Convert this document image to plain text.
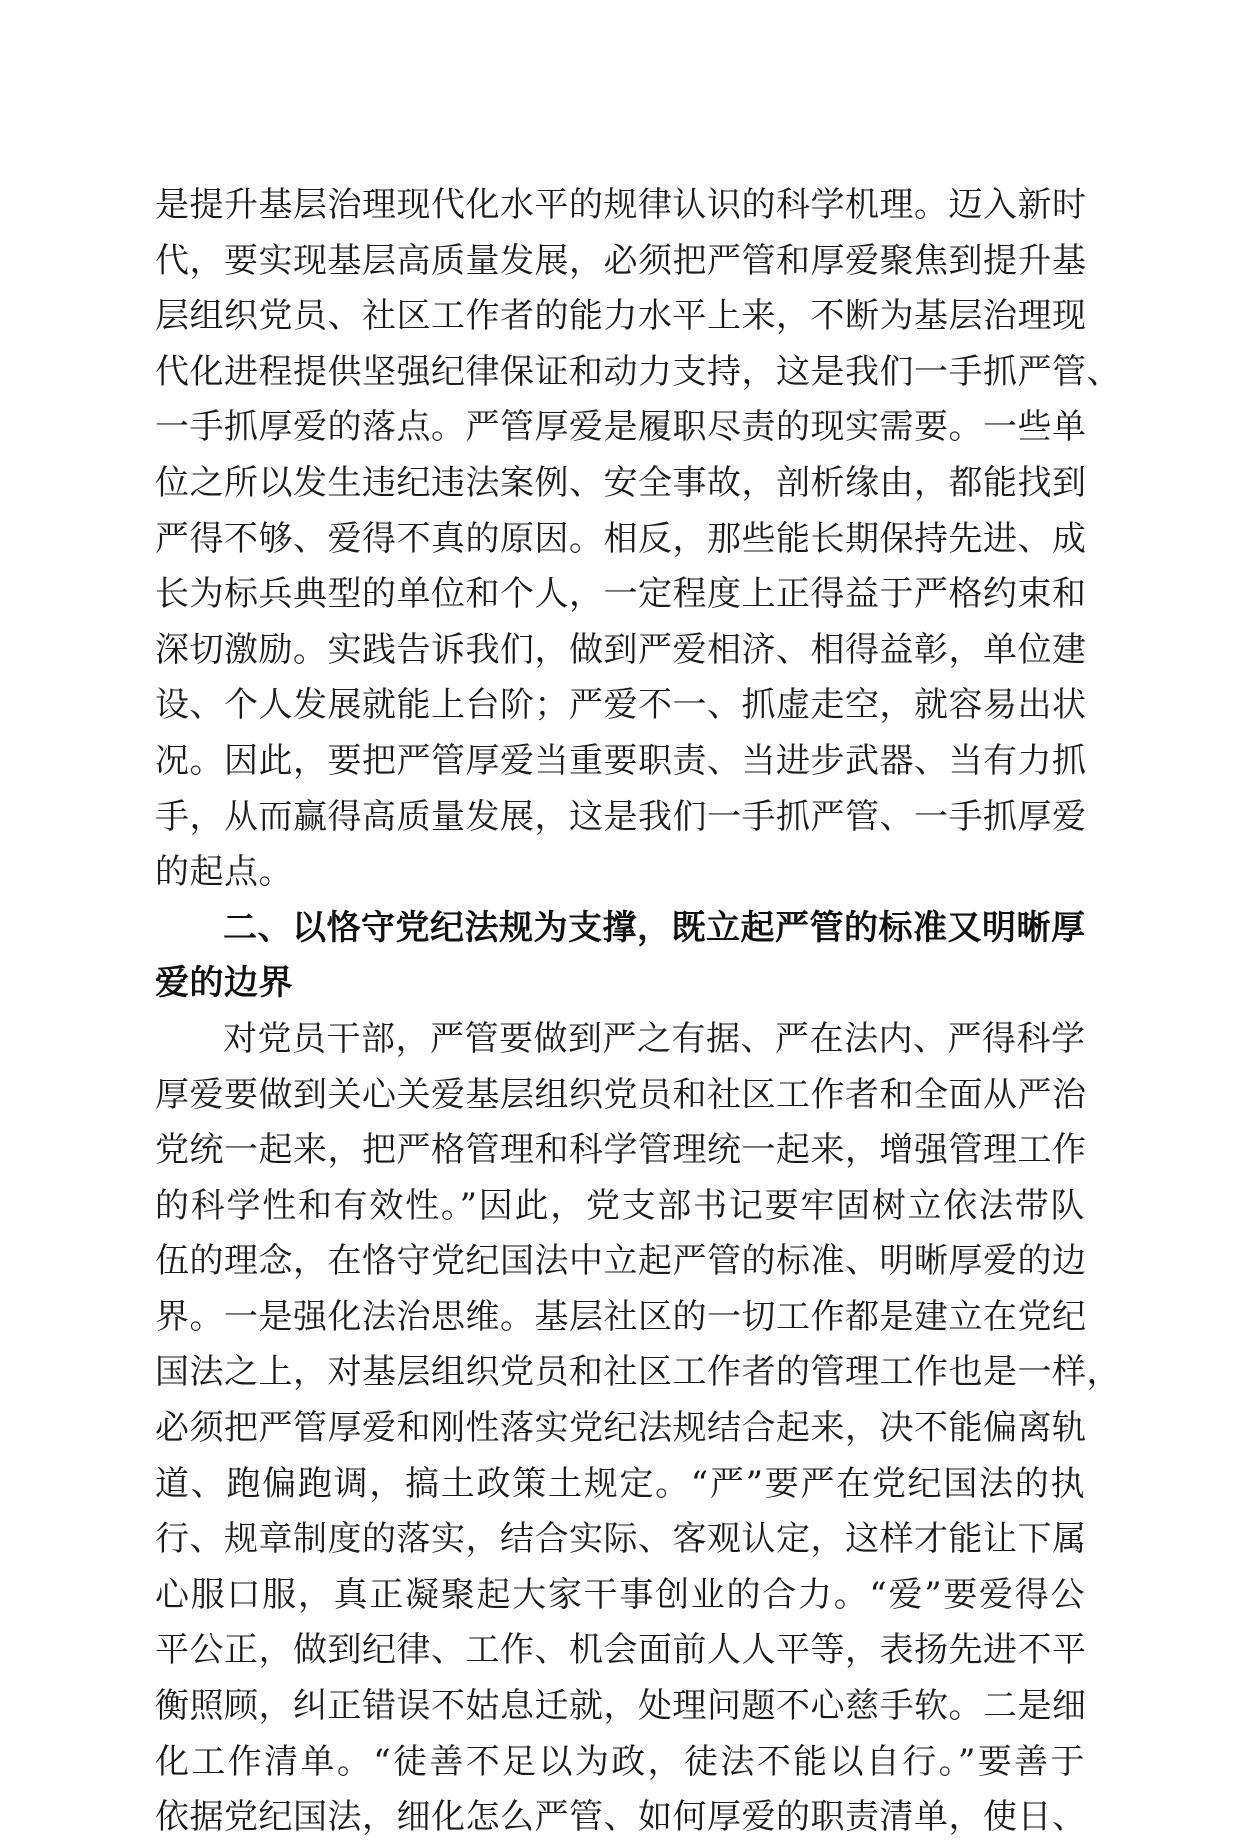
是提升基层治理现代化水平的规律认识的科学机理。迈入新时
代，要实现基层高质量发展，必须把严管和厚爱聚焦到提升基
层组织党员、社区工作者的能力水平上来，不断为基层治理现
代化进程提供坚强纪律保证和动力支持，这是我们一手抓严管、
一手抓厚爱的落点。严管厚爱是履职尽责的现实需要。一些单
位之所以发生违纪违法案例、安全事故，剖析缘由，都能找到
严得不够、爱得不真的原因。相反，那些能长期保持先进、成
长为标兵典型的单位和个人，一定程度上正得益于严格约束和
深切激励。实践告诉我们，做到严爱相济、相得益彰，单位建
设、个人发展就能上台阶；严爱不一、抓虚走空，就容易出状
况。因此，要把严管厚爱当重要职责、当进步武器、当有力抓
手，从而赢得高质量发展，这是我们一手抓严管、一手抓厚爱
的起点。
二、以恪守党纪法规为支撑，既立起严管的标准又明晰厚
爱的边界
对党员干部，严管要做到严之有据、严在法内、严得科学
厚爱要做到关心关爱基层组织党员和社区工作者和全面从严治
党统一起来，把严格管理和科学管理统一起来，增强管理工作
的科学性和有效性。”因此，党支部书记要牢固树立依法带队
伍的理念，在恪守党纪国法中立起严管的标准、明晰厚爱的边
界。一是强化法治思维。基层社区的一切工作都是建立在党纪
国法之上，对基层组织党员和社区工作者的管理工作也是一样，
必须把严管厚爱和刚性落实党纪法规结合起来，决不能偏离轨
道、跑偏跑调，搞土政策土规定。“严”要严在党纪国法的执
行、规章制度的落实，结合实际、客观认定，这样才能让下属
心服口服，真正凝聚起大家干事创业的合力。“爱”要爱得公
平公正，做到纪律、工作、机会面前人人平等，表扬先进不平
衡照顾，纠正错误不姑息迁就，处理问题不心慈手软。二是细
化工作清单。“徒善不足以为政，徒法不能以自行。”要善于
依据党纪国法，细化怎么严管、如何厚爱的职责清单，使日、
